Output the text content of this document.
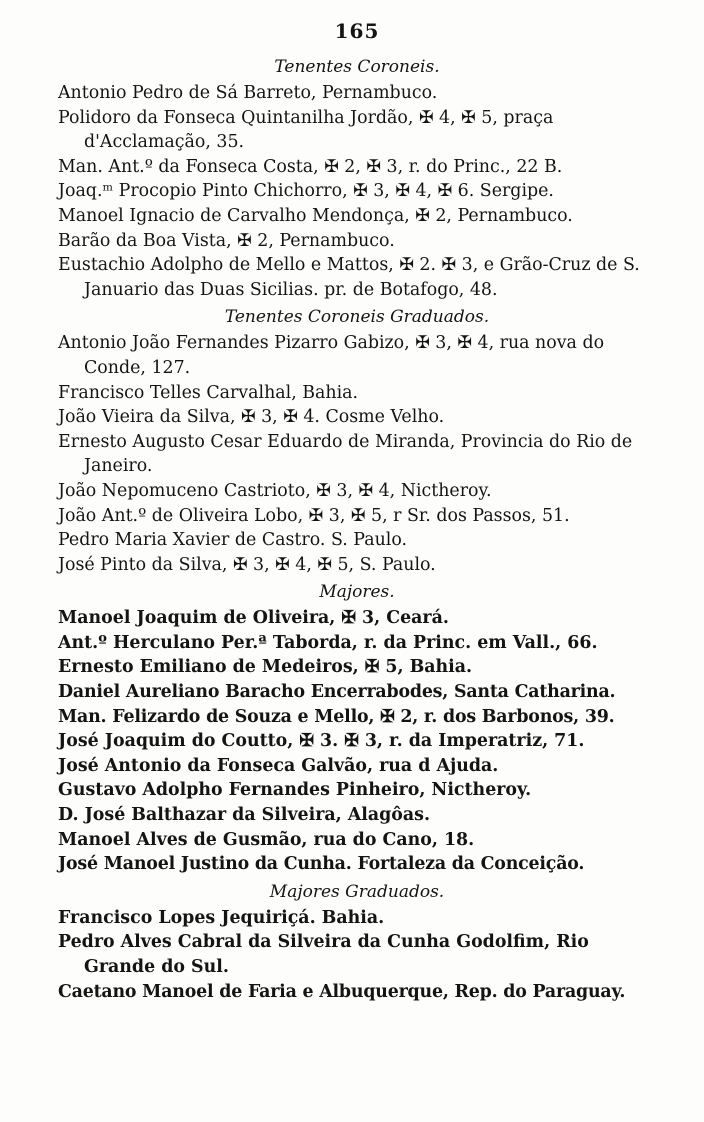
165
Tenentes Coroneis.
Antonio Pedro de Sá Barreto, Pernambuco.
Polidoro da Fonseca Quintanilha Jordão, ✠ 4, ✠ 5, praça d'Acclamação, 35.
Man. Ant.º da Fonseca Costa, ✠ 2, ✠ 3, r. do Princ., 22 B.
Joaq.ᵐ Procopio Pinto Chichorro, ✠ 3, ✠ 4, ✠ 6. Sergipe.
Manoel Ignacio de Carvalho Mendonça, ✠ 2, Pernambuco.
Barão da Boa Vista, ✠ 2, Pernambuco.
Eustachio Adolpho de Mello e Mattos, ✠ 2. ✠ 3, e Grão-Cruz de S. Januario das Duas Sicilias. pr. de Botafogo, 48.
Tenentes Coroneis Graduados.
Antonio João Fernandes Pizarro Gabizo, ✠ 3, ✠ 4, rua nova do Conde, 127.
Francisco Telles Carvalhal, Bahia.
João Vieira da Silva, ✠ 3, ✠ 4. Cosme Velho.
Ernesto Augusto Cesar Eduardo de Miranda, Provincia do Rio de Janeiro.
João Nepomuceno Castrioto, ✠ 3, ✠ 4, Nictheroy.
João Ant.º de Oliveira Lobo, ✠ 3, ✠ 5, r Sr. dos Passos, 51.
Pedro Maria Xavier de Castro. S. Paulo.
José Pinto da Silva, ✠ 3, ✠ 4, ✠ 5, S. Paulo.
Majores.
Manoel Joaquim de Oliveira, ✠ 3, Ceará.
Ant.º Herculano Per.ª Taborda, r. da Princ. em Vall., 66.
Ernesto Emiliano de Medeiros, ✠ 5, Bahia.
Daniel Aureliano Baracho Encerrabodes, Santa Catharina.
Man. Felizardo de Souza e Mello, ✠ 2, r. dos Barbonos, 39.
José Joaquim do Coutto, ✠ 3. ✠ 3, r. da Imperatriz, 71.
José Antonio da Fonseca Galvão, rua d Ajuda.
Gustavo Adolpho Fernandes Pinheiro, Nictheroy.
D. José Balthazar da Silveira, Alagôas.
Manoel Alves de Gusmão, rua do Cano, 18.
José Manoel Justino da Cunha. Fortaleza da Conceição.
Majores Graduados.
Francisco Lopes Jequiriçá. Bahia.
Pedro Alves Cabral da Silveira da Cunha Godolfim, Rio Grande do Sul.
Caetano Manoel de Faria e Albuquerque, Rep. do Paraguay.
